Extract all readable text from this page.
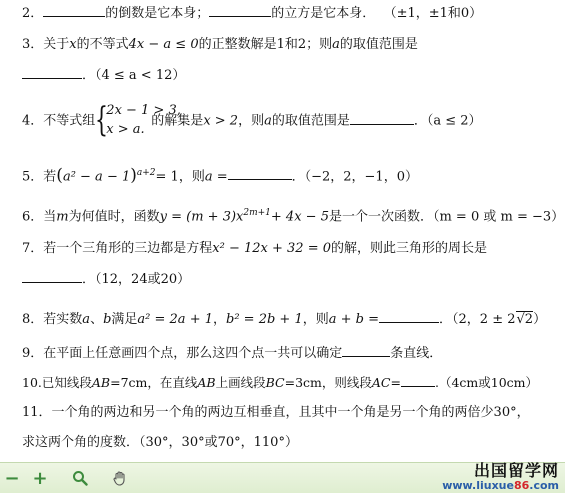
2．	的倒数是它本身；	的立方是它本身． （±1，±1和0）
3．关于x的不等式4x − a ≤ 0的正整数解是1和2；则a的取值范围是
．（4 ≤ a < 12）
4．不等式组 {
2x − 1 > 3,
x > a.
的解集是x > 2，则a的取值范围是	．（a ≤ 2）
5．若$(a^2 - a - 1)^{a+2}= 1$，则a =	．（−2，2，−1，0）
6．当m为何值时，函数$y = (m + 3)x^{2m+1}+ 4x - 5$是一个一次函数．（m = 0 或 m = −3）
7．若一个三角形的三边都是方程x² − 12x + 32 = 0的解，则此三角形的周长是
．（12，24或20）
8．若实数a、b满足a² = 2a + 1，b² = 2b + 1，则a + b =	．（2，2 ± 2√2）
9．在平面上任意画四个点，那么这四个点一共可以确定	条直线．
10.已知线段AB=7cm，在直线AB上画线段BC=3cm，则线段AC=	.（4cm或10cm）
11．一个角的两边和另一个角的两边互相垂直，且其中一个角是另一个角的两倍少30°，
求这两个角的度数．（30°，30°或70°，110°）
− +	出国留学网
www.liuxue86.com
